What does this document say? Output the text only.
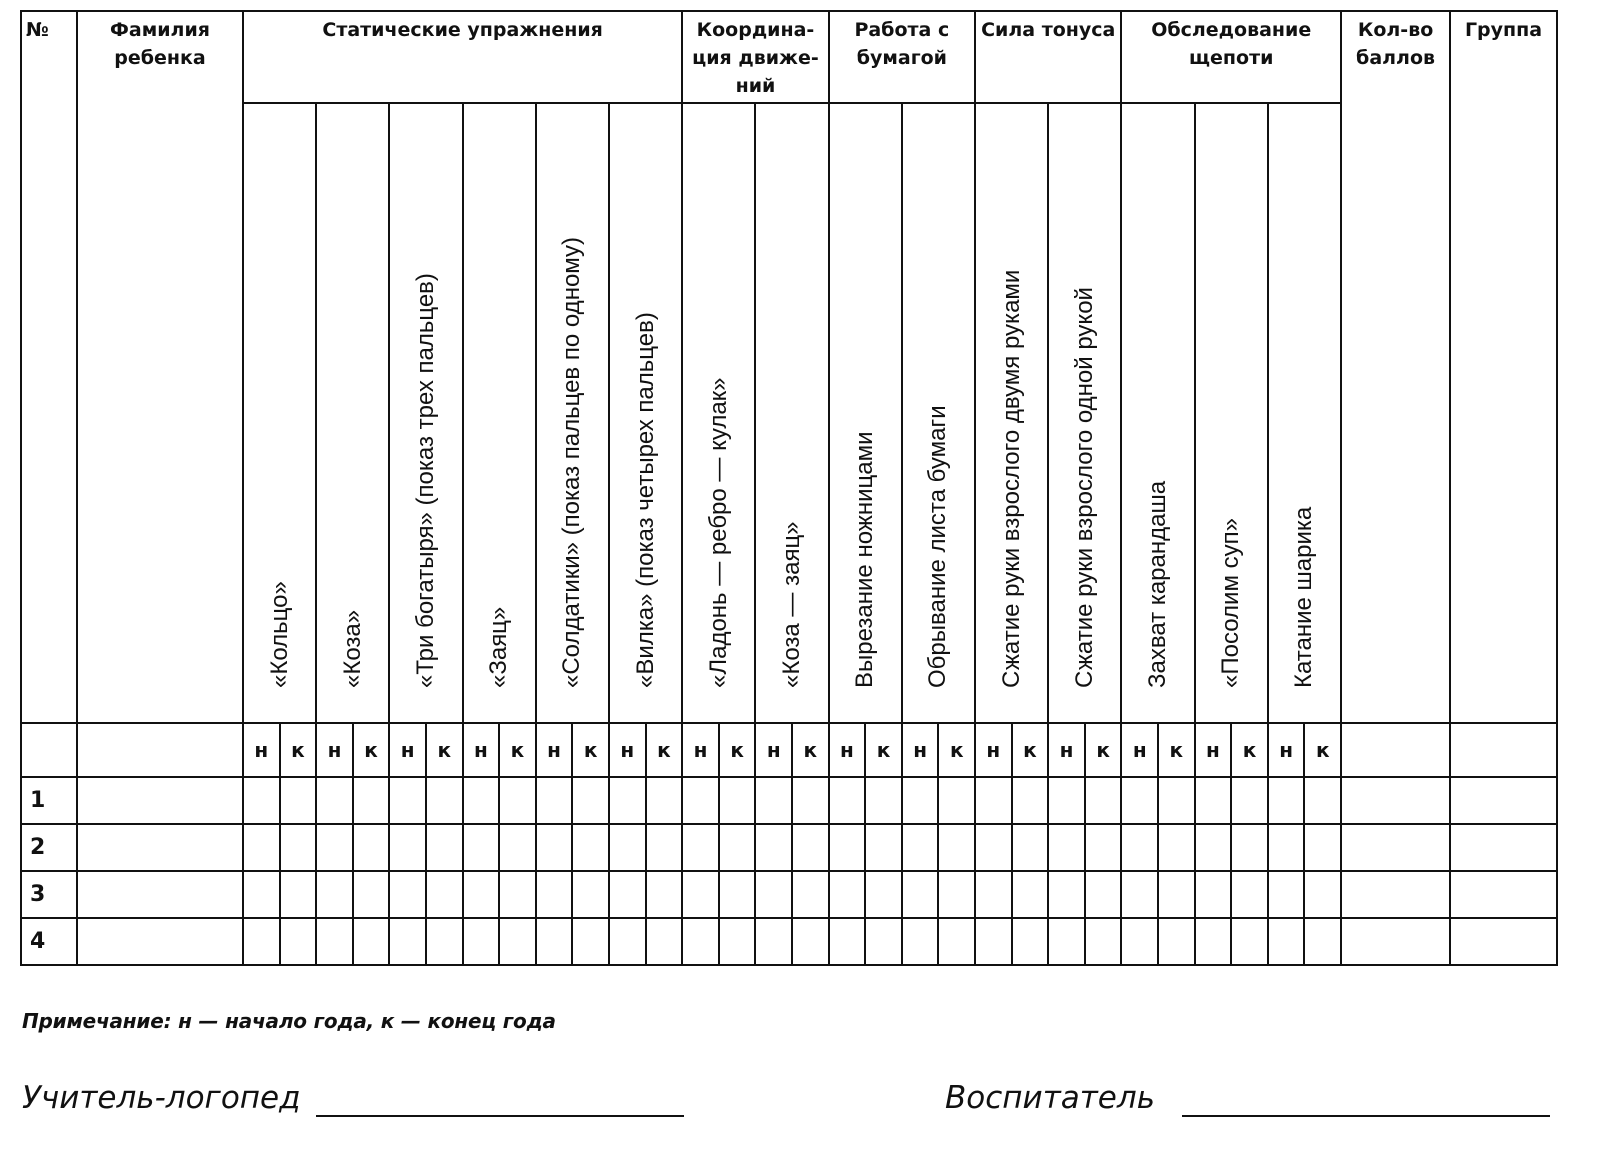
№	Фамилия ребенка	Статические упражнения												Координа-ция движе-ний				Работа с бумагой				Сила тонуса				Обследование щепоти						Кол-во баллов	Группа

		«Кольцо»		«Коза»		«Три богатыря» (показ трех пальцев)		«Заяц»		«Солдатики» (показ пальцев по одному)		«Вилка» (показ четырех пальцев)		«Ладонь — ребро — кулак»		«Коза — заяц»		Вырезание ножницами		Обрывание листа бумаги		Сжатие руки взрослого двумя руками		Сжатие руки взрослого одной рукой		Захват карандаша		«Посолим суп»		Катание шарика			

		н	к	н	к	н	к	н	к	н	к	н	к	н	к	н	к	н	к	н	к	н	к	н	к	н	к	н	к	н	к		
1																																	
2																																	
3																																	
4																																	
Примечание: н — начало года, к — конец года
Учитель-логопед	Воспитатель
